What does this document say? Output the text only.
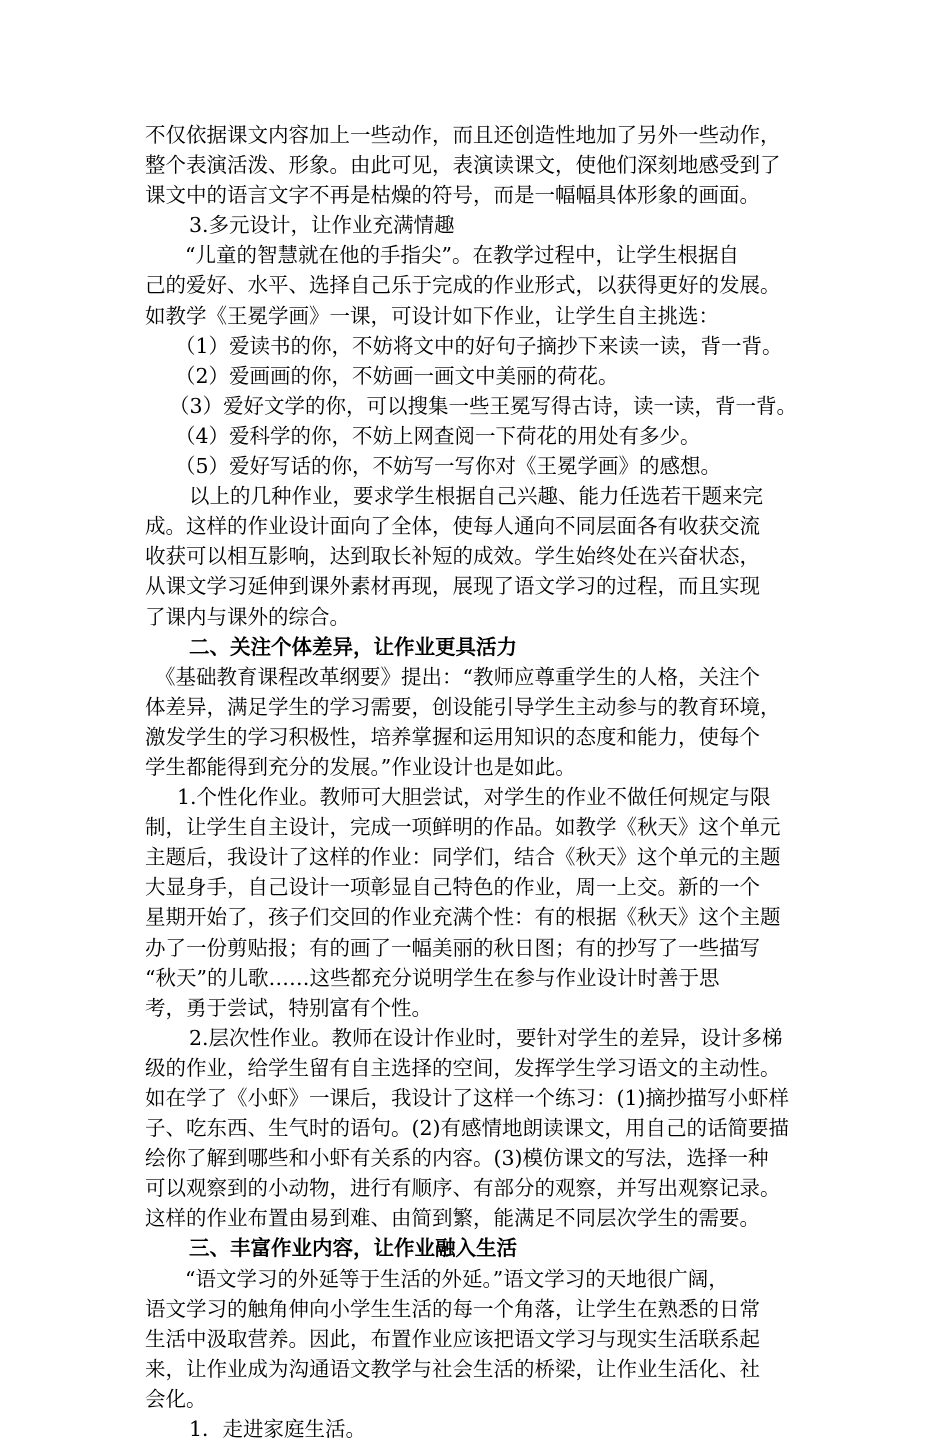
不仅依据课文内容加上一些动作，而且还创造性地加了另外一些动作，
整个表演活泼、形象。由此可见，表演读课文，使他们深刻地感受到了
课文中的语言文字不再是枯燥的符号，而是一幅幅具体形象的画面。
3.多元设计，让作业充满情趣
“儿童的智慧就在他的手指尖”。在教学过程中，让学生根据自
己的爱好、水平、选择自己乐于完成的作业形式，以获得更好的发展。
如教学《王冕学画》一课，可设计如下作业，让学生自主挑选：
（1）爱读书的你，不妨将文中的好句子摘抄下来读一读，背一背。
（2）爱画画的你，不妨画一画文中美丽的荷花。
（3）爱好文学的你，可以搜集一些王冕写得古诗，读一读，背一背。
（4）爱科学的你，不妨上网查阅一下荷花的用处有多少。
（5）爱好写话的你，不妨写一写你对《王冕学画》的感想。
以上的几种作业，要求学生根据自己兴趣、能力任选若干题来完
成。这样的作业设计面向了全体，使每人通向不同层面各有收获交流
收获可以相互影响，达到取长补短的成效。学生始终处在兴奋状态，
从课文学习延伸到课外素材再现，展现了语文学习的过程，而且实现
了课内与课外的综合。
二、关注个体差异，让作业更具活力
《基础教育课程改革纲要》提出：“教师应尊重学生的人格，关注个
体差异，满足学生的学习需要，创设能引导学生主动参与的教育环境，
激发学生的学习积极性，培养掌握和运用知识的态度和能力，使每个
学生都能得到充分的发展。”作业设计也是如此。
1.个性化作业。教师可大胆尝试，对学生的作业不做任何规定与限
制，让学生自主设计，完成一项鲜明的作品。如教学《秋天》这个单元
主题后，我设计了这样的作业：同学们，结合《秋天》这个单元的主题
大显身手，自己设计一项彰显自己特色的作业，周一上交。新的一个
星期开始了，孩子们交回的作业充满个性：有的根据《秋天》这个主题
办了一份剪贴报；有的画了一幅美丽的秋日图；有的抄写了一些描写
“秋天”的儿歌……这些都充分说明学生在参与作业设计时善于思
考，勇于尝试，特别富有个性。
2.层次性作业。教师在设计作业时，要针对学生的差异，设计多梯
级的作业，给学生留有自主选择的空间，发挥学生学习语文的主动性。
如在学了《小虾》一课后，我设计了这样一个练习：(1)摘抄描写小虾样
子、吃东西、生气时的语句。(2)有感情地朗读课文，用自己的话简要描
绘你了解到哪些和小虾有关系的内容。(3)模仿课文的写法，选择一种
可以观察到的小动物，进行有顺序、有部分的观察，并写出观察记录。
这样的作业布置由易到难、由简到繁，能满足不同层次学生的需要。
三、丰富作业内容，让作业融入生活
“语文学习的外延等于生活的外延。”语文学习的天地很广阔，
语文学习的触角伸向小学生生活的每一个角落，让学生在熟悉的日常
生活中汲取营养。因此，布置作业应该把语文学习与现实生活联系起
来，让作业成为沟通语文教学与社会生活的桥梁，让作业生活化、社
会化。
1．走进家庭生活。
